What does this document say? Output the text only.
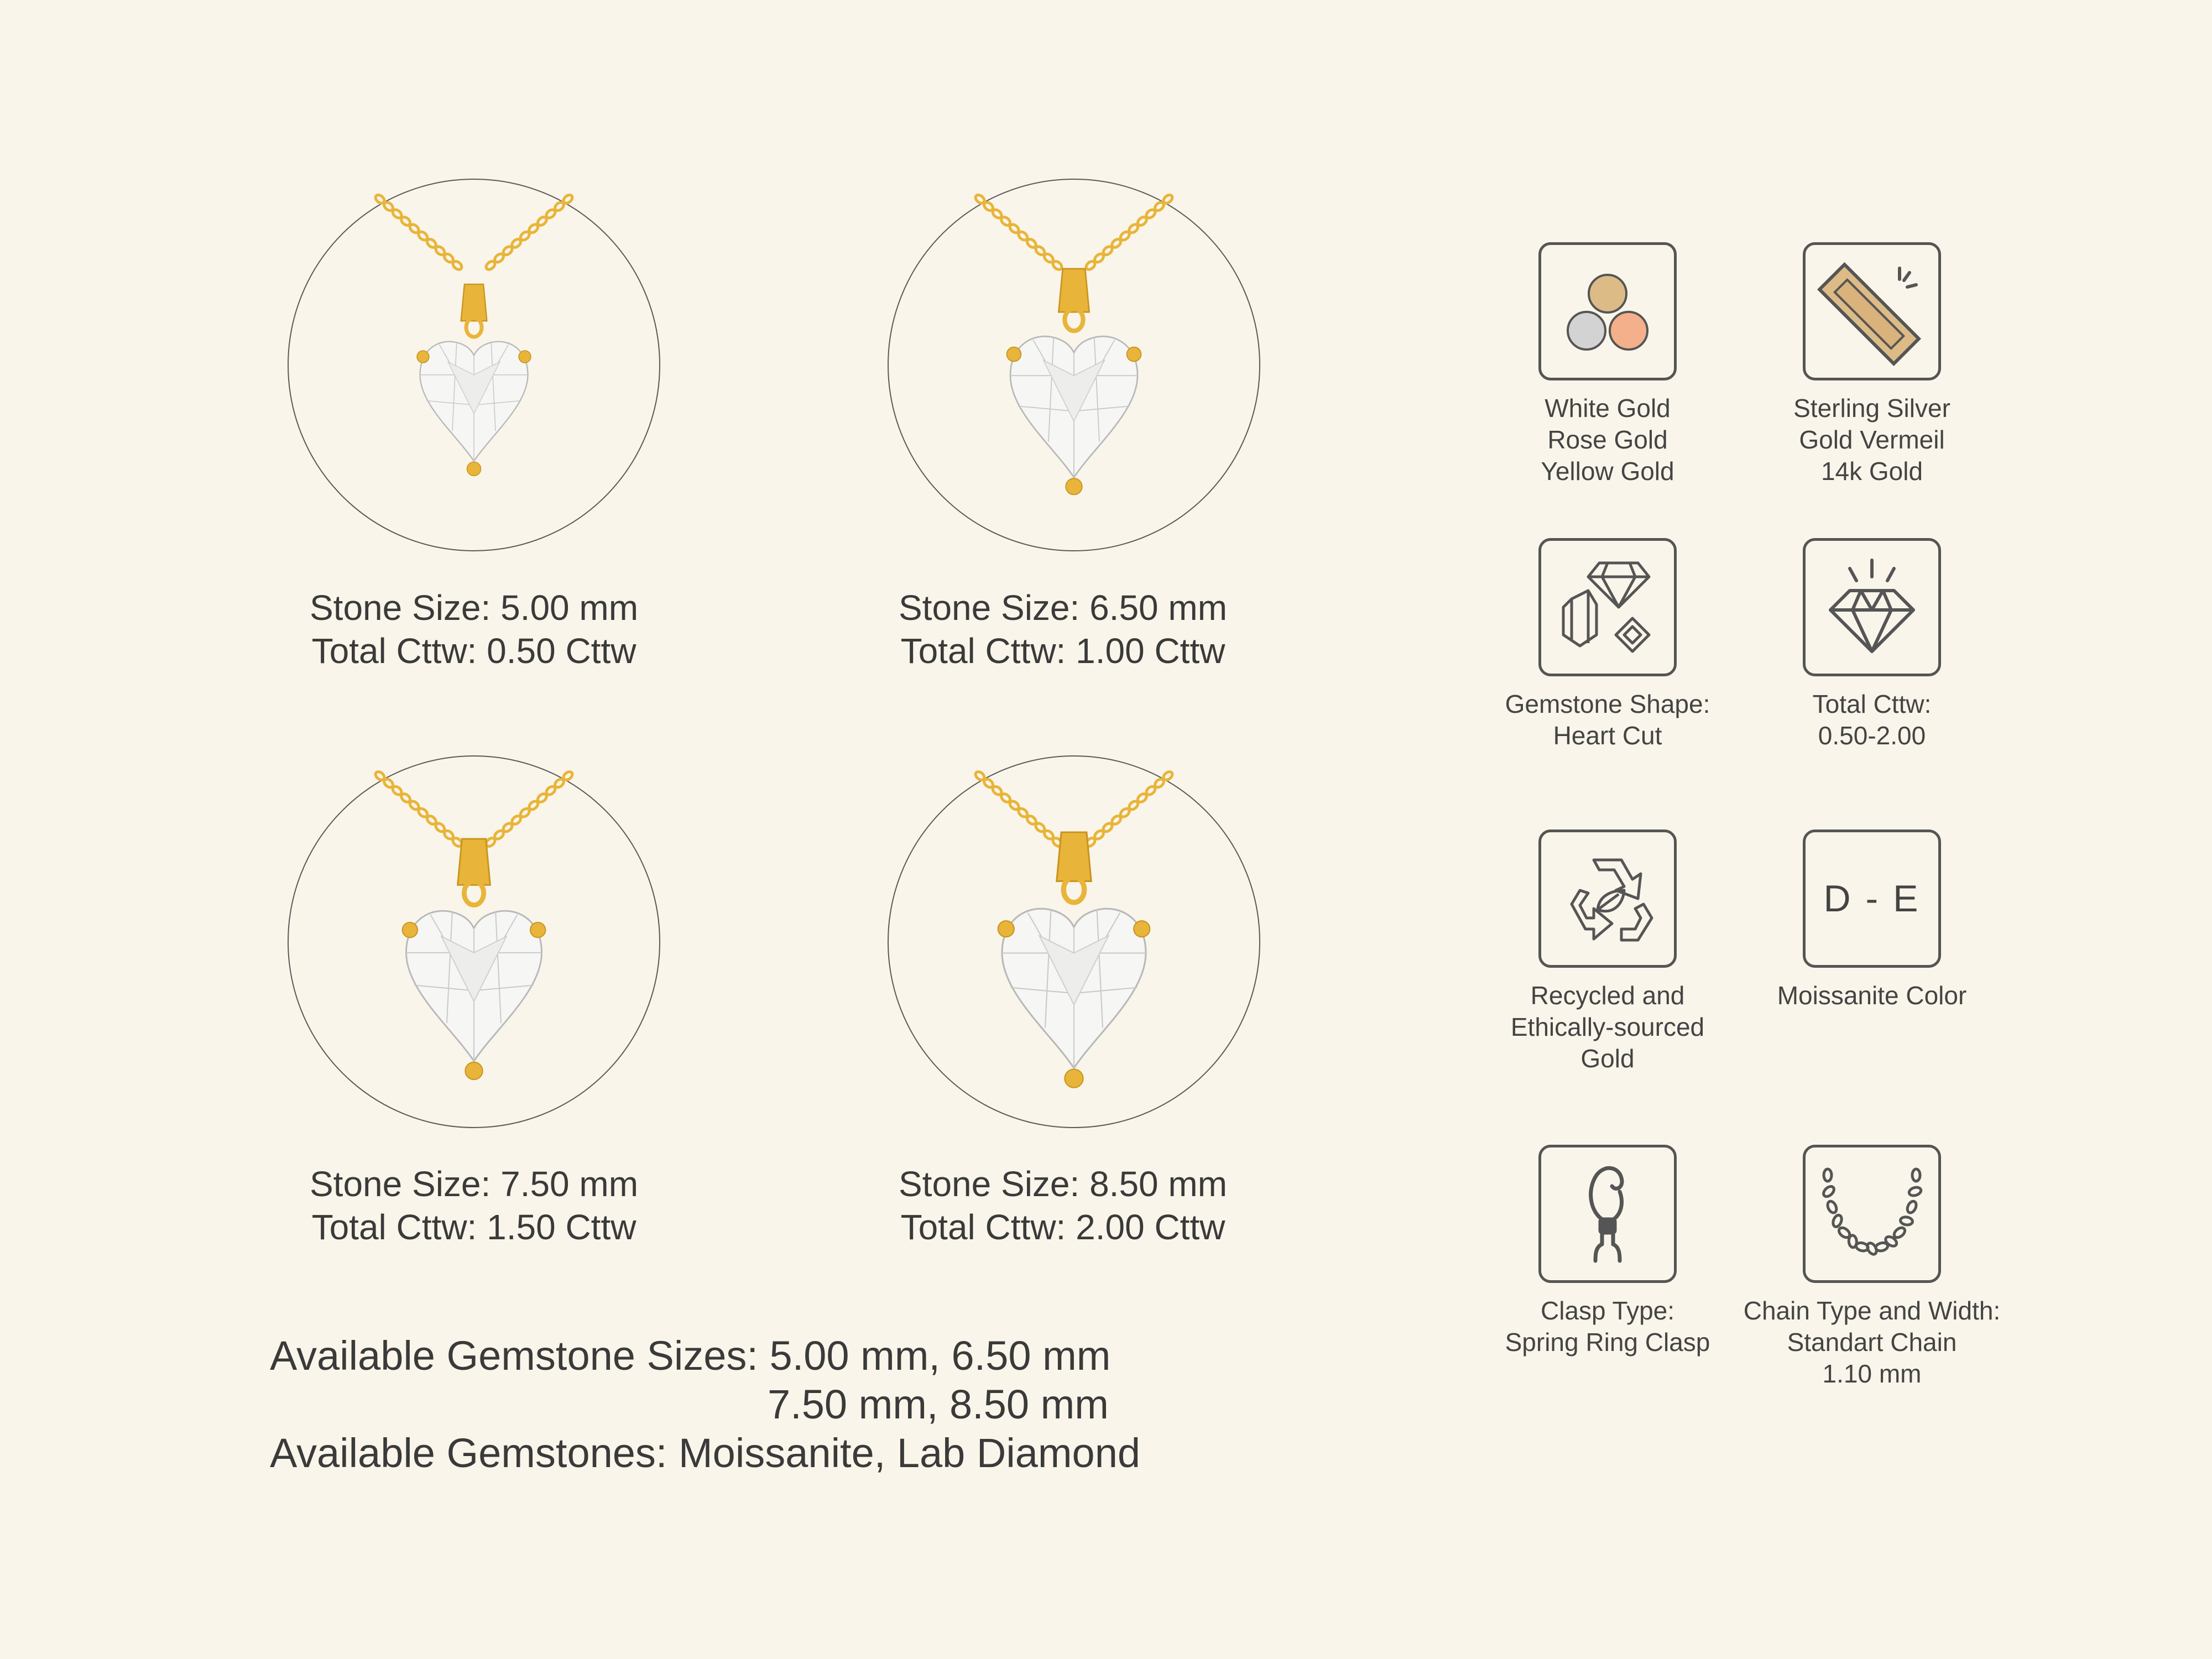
Stone Size: 5.00 mm
Total Cttw: 0.50 Cttw
Stone Size: 6.50 mm
Total Cttw: 1.00 Cttw
Stone Size: 7.50 mm
Total Cttw: 1.50 Cttw
Stone Size: 8.50 mm
Total Cttw: 2.00 Cttw
Available Gemstone Sizes: 5.00 mm, 6.50 mm
7.50 mm, 8.50 mm
Available Gemstones: Moissanite, Lab Diamond
White Gold
Rose Gold
Yellow Gold
Sterling Silver
Gold Vermeil
14k Gold
Gemstone Shape:
Heart Cut
Total Cttw:
0.50-2.00
Recycled and
Ethically-sourced
Gold
D - E
Moissanite Color
Clasp Type:
Spring Ring Clasp
Chain Type and Width:
Standart Chain
1.10 mm
